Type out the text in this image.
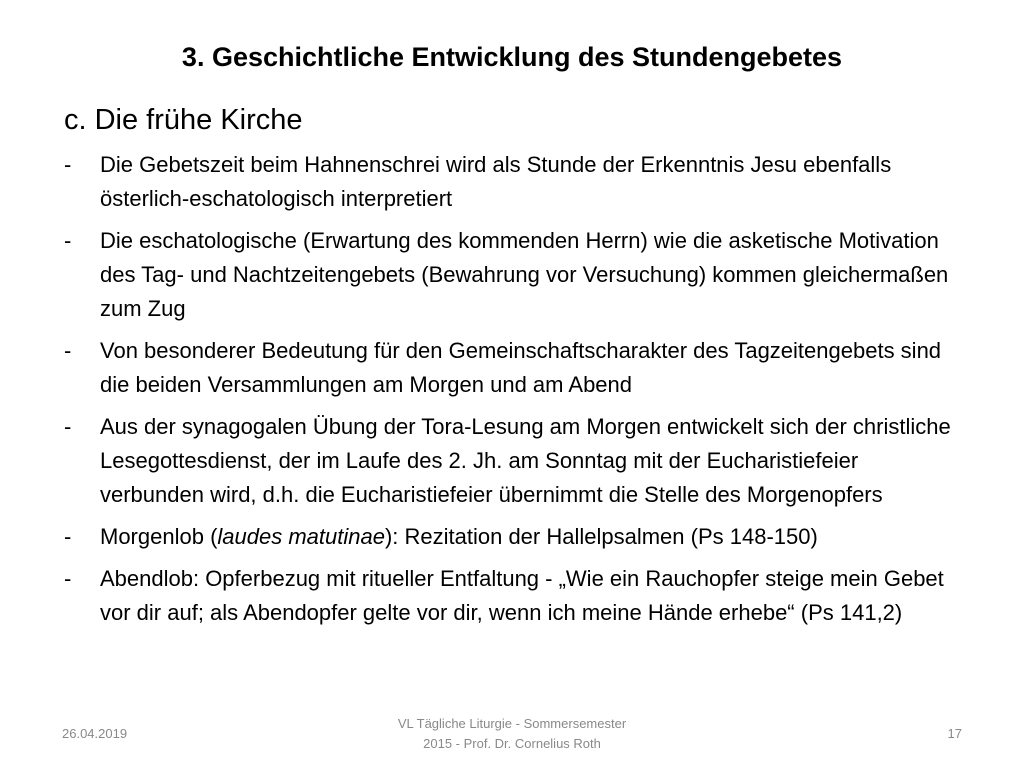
3. Geschichtliche Entwicklung des Stundengebetes
c. Die frühe Kirche
- Die Gebetszeit beim Hahnenschrei wird als Stunde der Erkenntnis Jesu ebenfalls österlich-eschatologisch interpretiert
- Die eschatologische (Erwartung des kommenden Herrn) wie die asketische Motivation des Tag- und Nachtzeitengebets (Bewahrung vor Versuchung) kommen gleichermaßen zum Zug
- Von besonderer Bedeutung für den Gemeinschaftscharakter des Tagzeitengebets sind die beiden Versammlungen am Morgen und am Abend
- Aus der synagogalen Übung der Tora-Lesung am Morgen entwickelt sich der christliche Lesegottesdienst, der im Laufe des 2. Jh. am Sonntag mit der Eucharistiefeier verbunden wird, d.h. die Eucharistiefeier übernimmt die Stelle des Morgenopfers
- Morgenlob (laudes matutinae): Rezitation der Hallelpsalmen (Ps 148-150)
- Abendlob: Opferbezug mit ritueller Entfaltung - „Wie ein Rauchopfer steige mein Gebet vor dir auf; als Abendopfer gelte vor dir, wenn ich meine Hände erhebe“ (Ps 141,2)
26.04.2019
VL Tägliche Liturgie - Sommersemester
2015 - Prof. Dr. Cornelius Roth
17
